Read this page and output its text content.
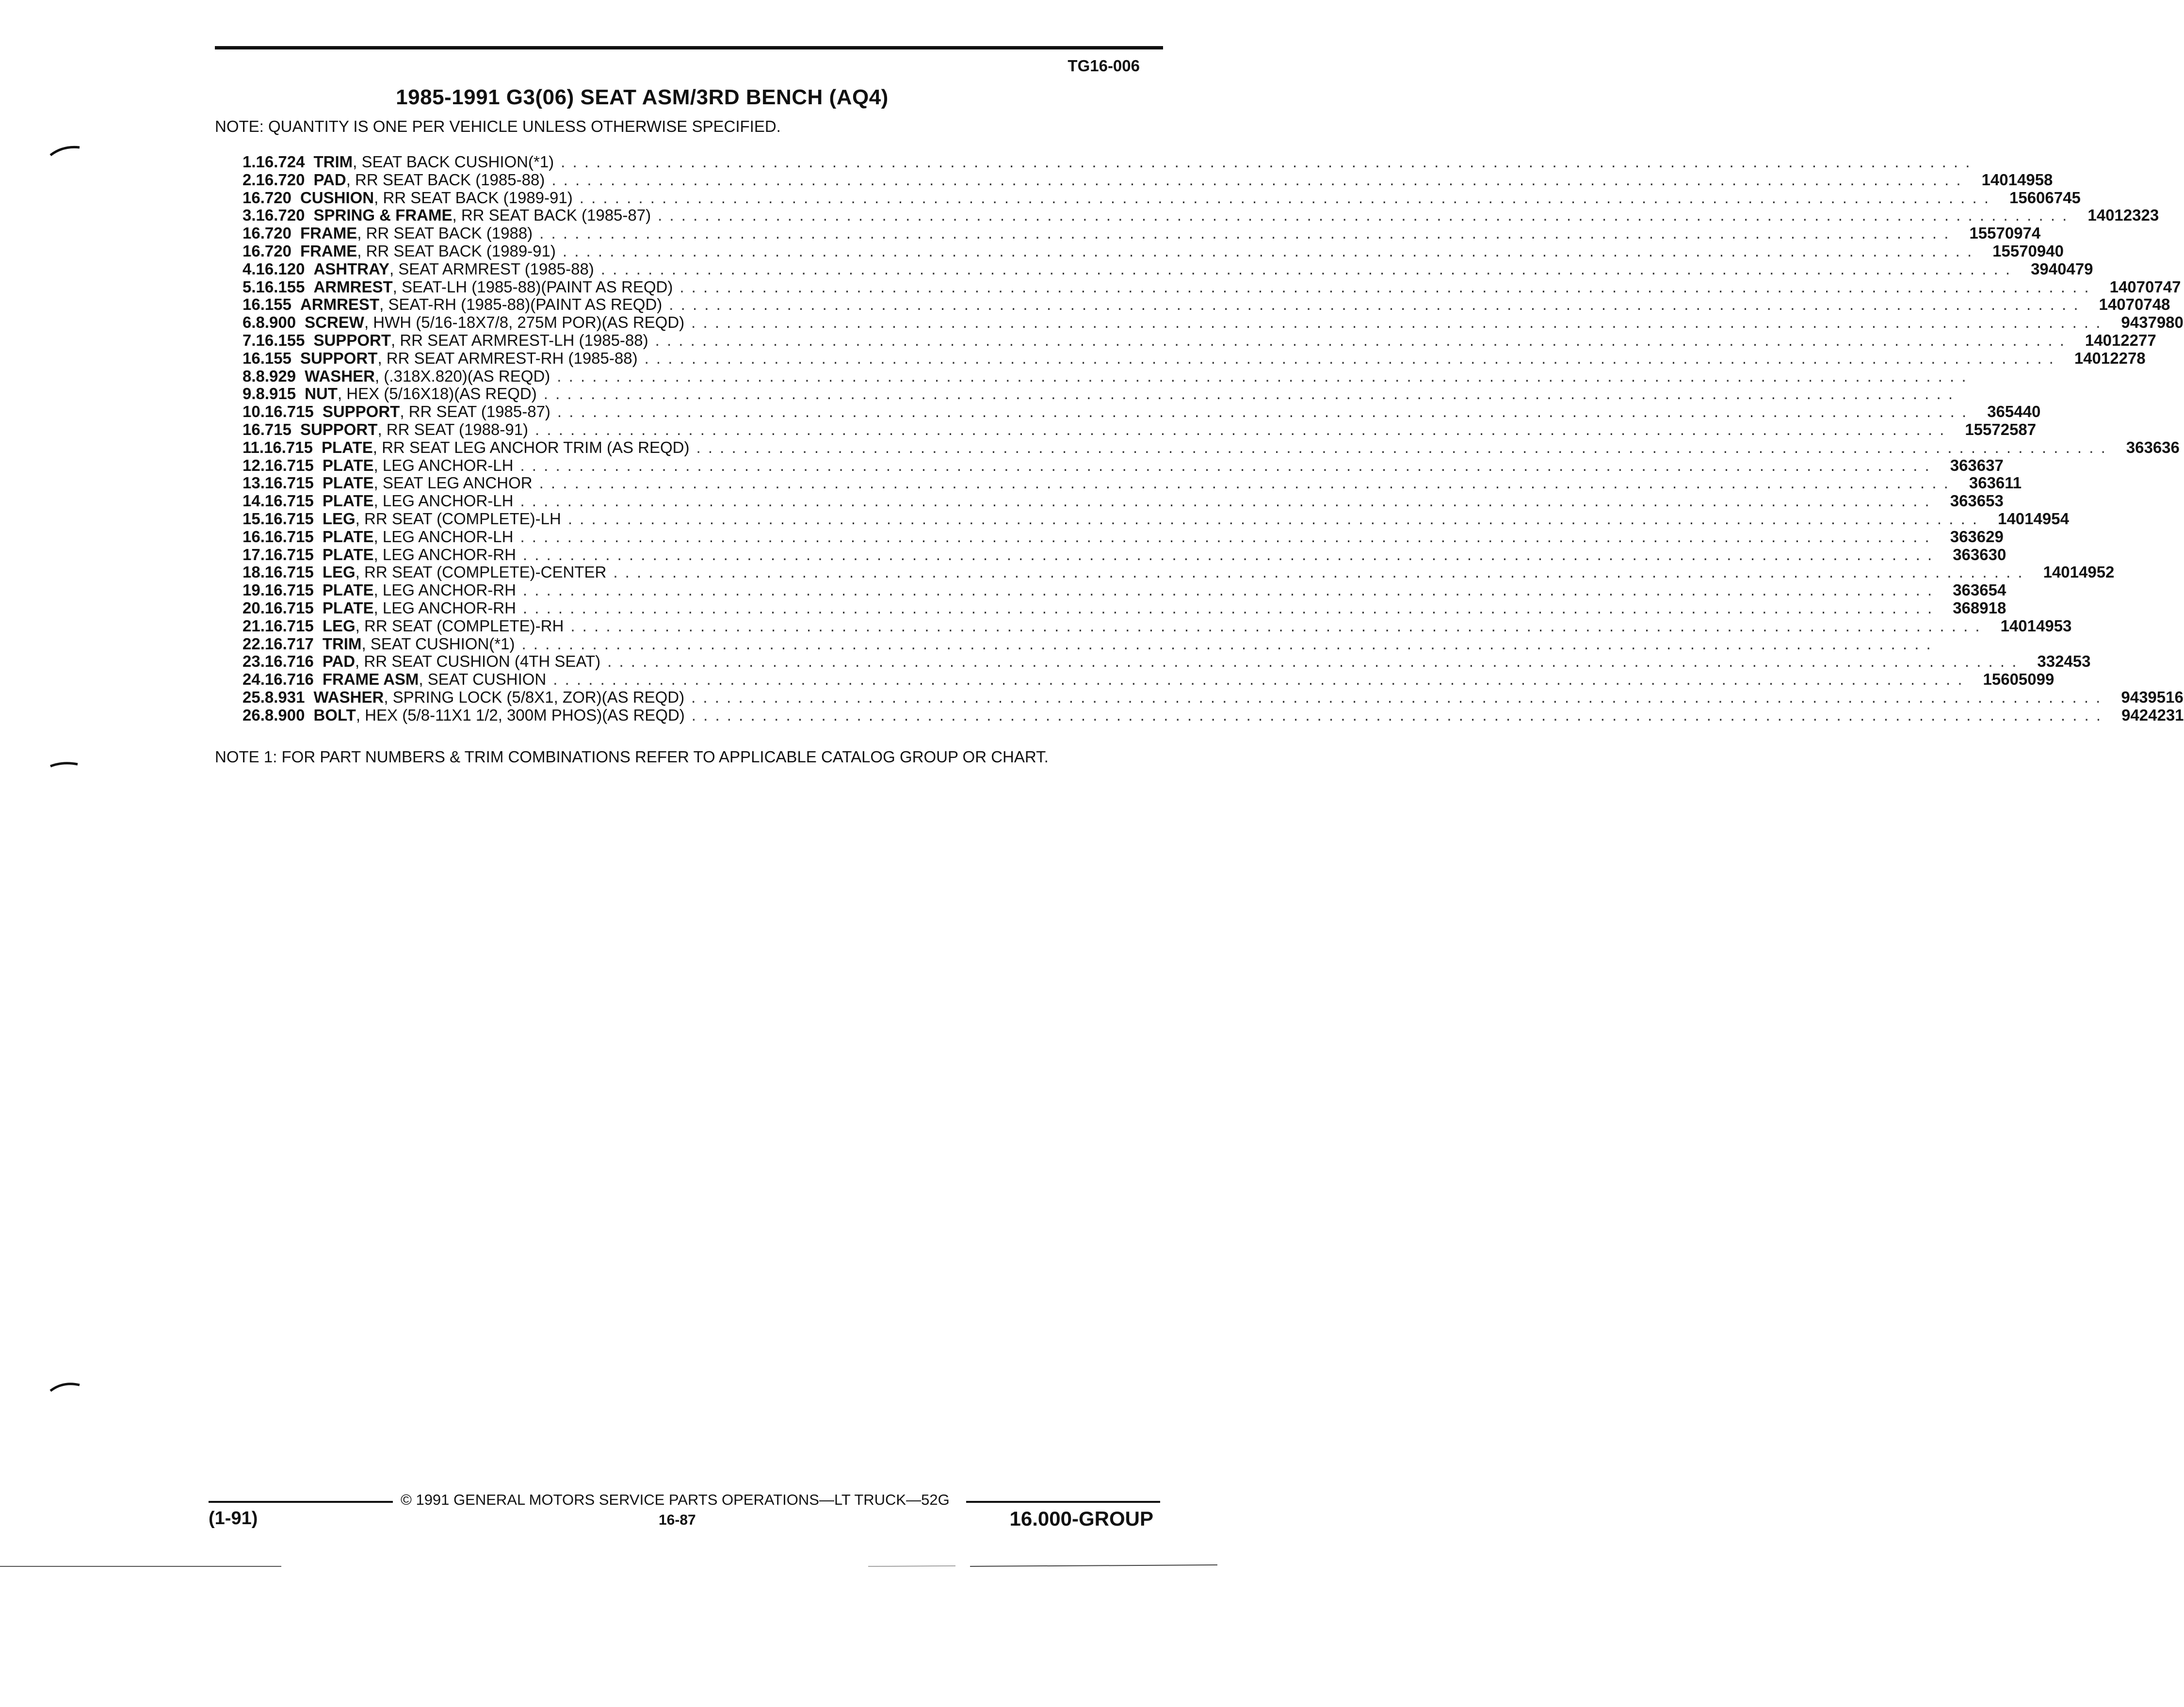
TG16-006
1985-1991 G3(06) SEAT ASM/3RD BENCH (AQ4)
NOTE: QUANTITY IS ONE PER VEHICLE UNLESS OTHERWISE SPECIFIED.
1. 16.724 TRIM , SEAT BACK CUSHION(*1) . . . . . . . . . . . . . . . . . . . . . . . . . . . . . . . . . . . . . . . . . . . . . . . . . . . . . . . . . . . . . . . . . . . . . . . . . . . . . . . . . . . . . . . . . . . . . . . . . . . . . . . . . . . . . . . . . . . . . . . .
2. 16.720 PAD , RR SEAT BACK (1985-88) . . . . . . . . . . . . . . . . . . . . . . . . . . . . . . . . . . . . . . . . . . . . . . . . . . . . . . . . . . . . . . . . . . . . . . . . . . . . . . . . . . . . . . . . . . . . . . . . . . . . . . . . . . . . . . . . . . . . . . . . 14014958
16.720 CUSHION , RR SEAT BACK (1989-91) . . . . . . . . . . . . . . . . . . . . . . . . . . . . . . . . . . . . . . . . . . . . . . . . . . . . . . . . . . . . . . . . . . . . . . . . . . . . . . . . . . . . . . . . . . . . . . . . . . . . . . . . . . . . . . . . . . . . . . . . 15606745
3. 16.720 SPRING & FRAME , RR SEAT BACK (1985-87) . . . . . . . . . . . . . . . . . . . . . . . . . . . . . . . . . . . . . . . . . . . . . . . . . . . . . . . . . . . . . . . . . . . . . . . . . . . . . . . . . . . . . . . . . . . . . . . . . . . . . . . . . . . . . . . . . . . . . . . . 14012323
16.720 FRAME , RR SEAT BACK (1988) . . . . . . . . . . . . . . . . . . . . . . . . . . . . . . . . . . . . . . . . . . . . . . . . . . . . . . . . . . . . . . . . . . . . . . . . . . . . . . . . . . . . . . . . . . . . . . . . . . . . . . . . . . . . . . . . . . . . . . . . 15570974
16.720 FRAME , RR SEAT BACK (1989-91) . . . . . . . . . . . . . . . . . . . . . . . . . . . . . . . . . . . . . . . . . . . . . . . . . . . . . . . . . . . . . . . . . . . . . . . . . . . . . . . . . . . . . . . . . . . . . . . . . . . . . . . . . . . . . . . . . . . . . . . . 15570940
4. 16.120 ASHTRAY , SEAT ARMREST (1985-88) . . . . . . . . . . . . . . . . . . . . . . . . . . . . . . . . . . . . . . . . . . . . . . . . . . . . . . . . . . . . . . . . . . . . . . . . . . . . . . . . . . . . . . . . . . . . . . . . . . . . . . . . . . . . . . . . . . . . . . . . 3940479
5. 16.155 ARMREST , SEAT-LH (1985-88)(PAINT AS REQD) . . . . . . . . . . . . . . . . . . . . . . . . . . . . . . . . . . . . . . . . . . . . . . . . . . . . . . . . . . . . . . . . . . . . . . . . . . . . . . . . . . . . . . . . . . . . . . . . . . . . . . . . . . . . . . . . . . . . . . . . 14070747
16.155 ARMREST , SEAT-RH (1985-88)(PAINT AS REQD) . . . . . . . . . . . . . . . . . . . . . . . . . . . . . . . . . . . . . . . . . . . . . . . . . . . . . . . . . . . . . . . . . . . . . . . . . . . . . . . . . . . . . . . . . . . . . . . . . . . . . . . . . . . . . . . . . . . . . . . . 14070748
6. 8.900 SCREW , HWH (5/16-18X7/8, 275M POR)(AS REQD) . . . . . . . . . . . . . . . . . . . . . . . . . . . . . . . . . . . . . . . . . . . . . . . . . . . . . . . . . . . . . . . . . . . . . . . . . . . . . . . . . . . . . . . . . . . . . . . . . . . . . . . . . . . . . . . . . . . . . . . . 9437980
7. 16.155 SUPPORT , RR SEAT ARMREST-LH (1985-88) . . . . . . . . . . . . . . . . . . . . . . . . . . . . . . . . . . . . . . . . . . . . . . . . . . . . . . . . . . . . . . . . . . . . . . . . . . . . . . . . . . . . . . . . . . . . . . . . . . . . . . . . . . . . . . . . . . . . . . . . 14012277
16.155 SUPPORT , RR SEAT ARMREST-RH (1985-88) . . . . . . . . . . . . . . . . . . . . . . . . . . . . . . . . . . . . . . . . . . . . . . . . . . . . . . . . . . . . . . . . . . . . . . . . . . . . . . . . . . . . . . . . . . . . . . . . . . . . . . . . . . . . . . . . . . . . . . . . 14012278
8. 8.929 WASHER , (.318X.820)(AS REQD) . . . . . . . . . . . . . . . . . . . . . . . . . . . . . . . . . . . . . . . . . . . . . . . . . . . . . . . . . . . . . . . . . . . . . . . . . . . . . . . . . . . . . . . . . . . . . . . . . . . . . . . . . . . . . . . . . . . . . . . .
9. 8.915 NUT , HEX (5/16X18)(AS REQD) . . . . . . . . . . . . . . . . . . . . . . . . . . . . . . . . . . . . . . . . . . . . . . . . . . . . . . . . . . . . . . . . . . . . . . . . . . . . . . . . . . . . . . . . . . . . . . . . . . . . . . . . . . . . . . . . . . . . . . . .
10. 16.715 SUPPORT , RR SEAT (1985-87) . . . . . . . . . . . . . . . . . . . . . . . . . . . . . . . . . . . . . . . . . . . . . . . . . . . . . . . . . . . . . . . . . . . . . . . . . . . . . . . . . . . . . . . . . . . . . . . . . . . . . . . . . . . . . . . . . . . . . . . . 365440
16.715 SUPPORT , RR SEAT (1988-91) . . . . . . . . . . . . . . . . . . . . . . . . . . . . . . . . . . . . . . . . . . . . . . . . . . . . . . . . . . . . . . . . . . . . . . . . . . . . . . . . . . . . . . . . . . . . . . . . . . . . . . . . . . . . . . . . . . . . . . . . 15572587
11. 16.715 PLATE , RR SEAT LEG ANCHOR TRIM (AS REQD) . . . . . . . . . . . . . . . . . . . . . . . . . . . . . . . . . . . . . . . . . . . . . . . . . . . . . . . . . . . . . . . . . . . . . . . . . . . . . . . . . . . . . . . . . . . . . . . . . . . . . . . . . . . . . . . . . . . . . . . . 363636
12. 16.715 PLATE , LEG ANCHOR-LH . . . . . . . . . . . . . . . . . . . . . . . . . . . . . . . . . . . . . . . . . . . . . . . . . . . . . . . . . . . . . . . . . . . . . . . . . . . . . . . . . . . . . . . . . . . . . . . . . . . . . . . . . . . . . . . . . . . . . . . . 363637
13. 16.715 PLATE , SEAT LEG ANCHOR . . . . . . . . . . . . . . . . . . . . . . . . . . . . . . . . . . . . . . . . . . . . . . . . . . . . . . . . . . . . . . . . . . . . . . . . . . . . . . . . . . . . . . . . . . . . . . . . . . . . . . . . . . . . . . . . . . . . . . . . 363611
14. 16.715 PLATE , LEG ANCHOR-LH . . . . . . . . . . . . . . . . . . . . . . . . . . . . . . . . . . . . . . . . . . . . . . . . . . . . . . . . . . . . . . . . . . . . . . . . . . . . . . . . . . . . . . . . . . . . . . . . . . . . . . . . . . . . . . . . . . . . . . . . 363653
15. 16.715 LEG , RR SEAT (COMPLETE)-LH . . . . . . . . . . . . . . . . . . . . . . . . . . . . . . . . . . . . . . . . . . . . . . . . . . . . . . . . . . . . . . . . . . . . . . . . . . . . . . . . . . . . . . . . . . . . . . . . . . . . . . . . . . . . . . . . . . . . . . . . 14014954
16. 16.715 PLATE , LEG ANCHOR-LH . . . . . . . . . . . . . . . . . . . . . . . . . . . . . . . . . . . . . . . . . . . . . . . . . . . . . . . . . . . . . . . . . . . . . . . . . . . . . . . . . . . . . . . . . . . . . . . . . . . . . . . . . . . . . . . . . . . . . . . . 363629
17. 16.715 PLATE , LEG ANCHOR-RH . . . . . . . . . . . . . . . . . . . . . . . . . . . . . . . . . . . . . . . . . . . . . . . . . . . . . . . . . . . . . . . . . . . . . . . . . . . . . . . . . . . . . . . . . . . . . . . . . . . . . . . . . . . . . . . . . . . . . . . . 363630
18. 16.715 LEG , RR SEAT (COMPLETE)-CENTER . . . . . . . . . . . . . . . . . . . . . . . . . . . . . . . . . . . . . . . . . . . . . . . . . . . . . . . . . . . . . . . . . . . . . . . . . . . . . . . . . . . . . . . . . . . . . . . . . . . . . . . . . . . . . . . . . . . . . . . . 14014952
19. 16.715 PLATE , LEG ANCHOR-RH . . . . . . . . . . . . . . . . . . . . . . . . . . . . . . . . . . . . . . . . . . . . . . . . . . . . . . . . . . . . . . . . . . . . . . . . . . . . . . . . . . . . . . . . . . . . . . . . . . . . . . . . . . . . . . . . . . . . . . . . 363654
20. 16.715 PLATE , LEG ANCHOR-RH . . . . . . . . . . . . . . . . . . . . . . . . . . . . . . . . . . . . . . . . . . . . . . . . . . . . . . . . . . . . . . . . . . . . . . . . . . . . . . . . . . . . . . . . . . . . . . . . . . . . . . . . . . . . . . . . . . . . . . . . 368918
21. 16.715 LEG , RR SEAT (COMPLETE)-RH . . . . . . . . . . . . . . . . . . . . . . . . . . . . . . . . . . . . . . . . . . . . . . . . . . . . . . . . . . . . . . . . . . . . . . . . . . . . . . . . . . . . . . . . . . . . . . . . . . . . . . . . . . . . . . . . . . . . . . . . 14014953
22. 16.717 TRIM , SEAT CUSHION(*1) . . . . . . . . . . . . . . . . . . . . . . . . . . . . . . . . . . . . . . . . . . . . . . . . . . . . . . . . . . . . . . . . . . . . . . . . . . . . . . . . . . . . . . . . . . . . . . . . . . . . . . . . . . . . . . . . . . . . . . . .
23. 16.716 PAD , RR SEAT CUSHION (4TH SEAT) . . . . . . . . . . . . . . . . . . . . . . . . . . . . . . . . . . . . . . . . . . . . . . . . . . . . . . . . . . . . . . . . . . . . . . . . . . . . . . . . . . . . . . . . . . . . . . . . . . . . . . . . . . . . . . . . . . . . . . . . 332453
24. 16.716 FRAME ASM , SEAT CUSHION . . . . . . . . . . . . . . . . . . . . . . . . . . . . . . . . . . . . . . . . . . . . . . . . . . . . . . . . . . . . . . . . . . . . . . . . . . . . . . . . . . . . . . . . . . . . . . . . . . . . . . . . . . . . . . . . . . . . . . . . 15605099
25. 8.931 WASHER , SPRING LOCK (5/8X1, ZOR)(AS REQD) . . . . . . . . . . . . . . . . . . . . . . . . . . . . . . . . . . . . . . . . . . . . . . . . . . . . . . . . . . . . . . . . . . . . . . . . . . . . . . . . . . . . . . . . . . . . . . . . . . . . . . . . . . . . . . . . . . . . . . . . 9439516
26. 8.900 BOLT , HEX (5/8-11X1 1/2, 300M PHOS)(AS REQD) . . . . . . . . . . . . . . . . . . . . . . . . . . . . . . . . . . . . . . . . . . . . . . . . . . . . . . . . . . . . . . . . . . . . . . . . . . . . . . . . . . . . . . . . . . . . . . . . . . . . . . . . . . . . . . . . . . . . . . . . 9424231
NOTE 1: FOR PART NUMBERS & TRIM COMBINATIONS REFER TO APPLICABLE CATALOG GROUP OR CHART.
© 1991 GENERAL MOTORS SERVICE PARTS OPERATIONS—LT TRUCK—52G
(1-91)	16-87	16.000-GROUP
